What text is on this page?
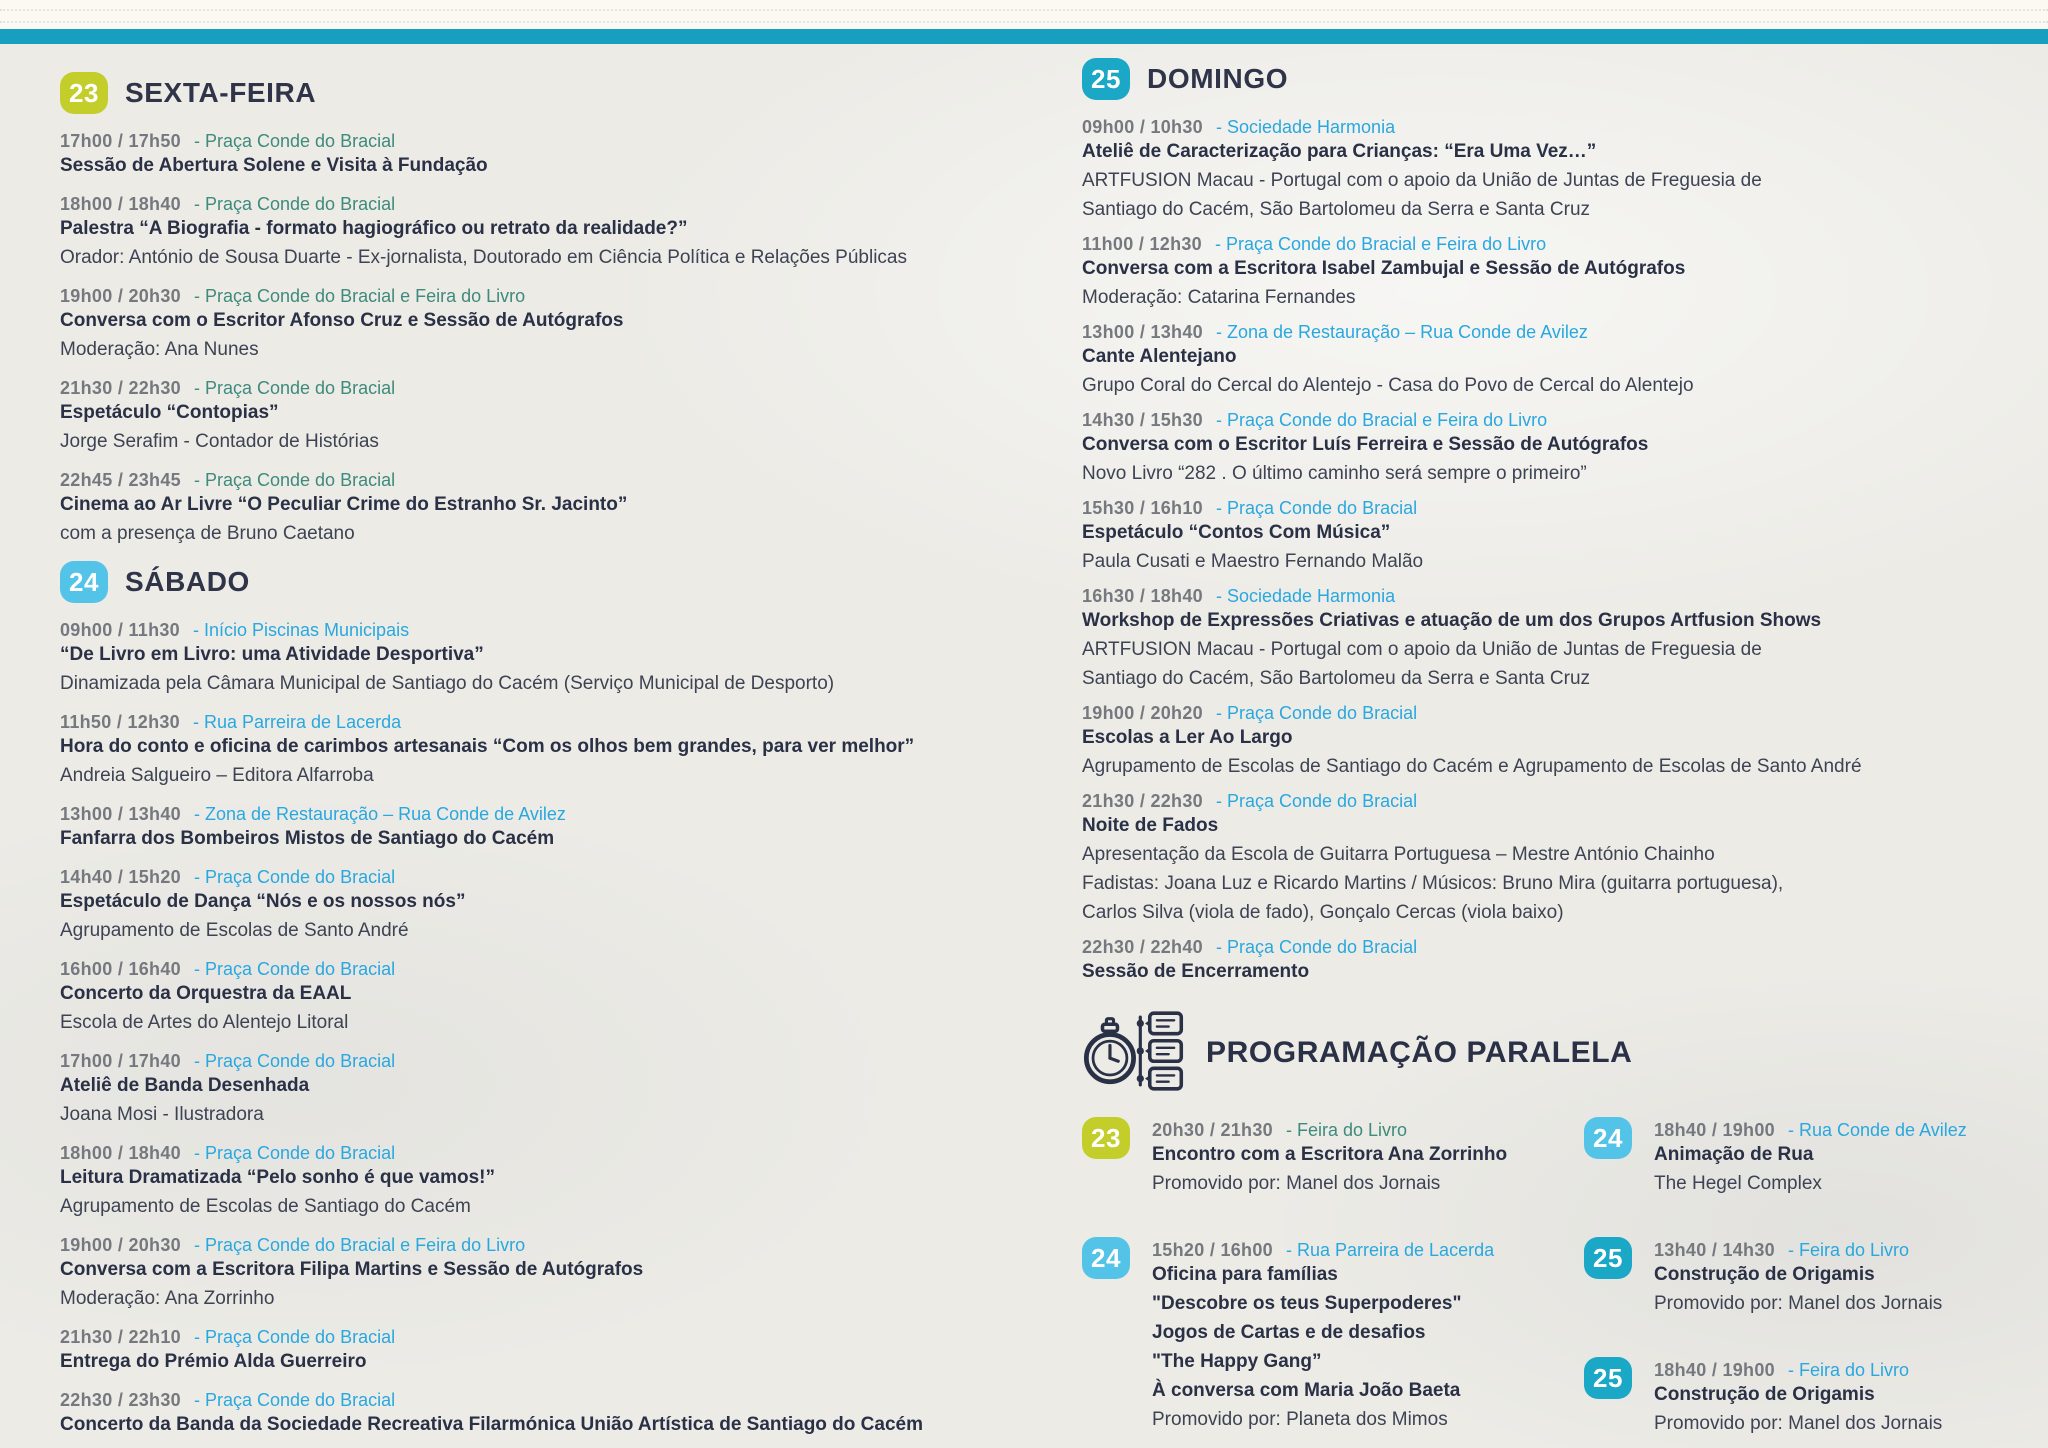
23 SEXTA-FEIRA
17h00 / 17h50 - Praça Conde do Bracial
Sessão de Abertura Solene e Visita à Fundação
18h00 / 18h40 - Praça Conde do Bracial
Palestra “A Biografia - formato hagiográfico ou retrato da realidade?”
Orador: António de Sousa Duarte - Ex-jornalista, Doutorado em Ciência Política e Relações Públicas
19h00 / 20h30 - Praça Conde do Bracial e Feira do Livro
Conversa com o Escritor Afonso Cruz e Sessão de Autógrafos
Moderação: Ana Nunes
21h30 / 22h30 - Praça Conde do Bracial
Espetáculo “Contopias”
Jorge Serafim - Contador de Histórias
22h45 / 23h45 - Praça Conde do Bracial
Cinema ao Ar Livre “O Peculiar Crime do Estranho Sr. Jacinto”
com a presença de Bruno Caetano
24 SÁBADO
09h00 / 11h30 - Início Piscinas Municipais
“De Livro em Livro: uma Atividade Desportiva”
Dinamizada pela Câmara Municipal de Santiago do Cacém (Serviço Municipal de Desporto)
11h50 / 12h30 - Rua Parreira de Lacerda
Hora do conto e oficina de carimbos artesanais “Com os olhos bem grandes, para ver melhor”
Andreia Salgueiro – Editora Alfarroba
13h00 / 13h40 - Zona de Restauração – Rua Conde de Avilez
Fanfarra dos Bombeiros Mistos de Santiago do Cacém
14h40 / 15h20 - Praça Conde do Bracial
Espetáculo de Dança “Nós e os nossos nós”
Agrupamento de Escolas de Santo André
16h00 / 16h40 - Praça Conde do Bracial
Concerto da Orquestra da EAAL
Escola de Artes do Alentejo Litoral
17h00 / 17h40 - Praça Conde do Bracial
Ateliê de Banda Desenhada
Joana Mosi - Ilustradora
18h00 / 18h40 - Praça Conde do Bracial
Leitura Dramatizada “Pelo sonho é que vamos!”
Agrupamento de Escolas de Santiago do Cacém
19h00 / 20h30 - Praça Conde do Bracial e Feira do Livro
Conversa com a Escritora Filipa Martins e Sessão de Autógrafos
Moderação: Ana Zorrinho
21h30 / 22h10 - Praça Conde do Bracial
Entrega do Prémio Alda Guerreiro
22h30 / 23h30 - Praça Conde do Bracial
Concerto da Banda da Sociedade Recreativa Filarmónica União Artística de Santiago do Cacém
25 DOMINGO
09h00 / 10h30 - Sociedade Harmonia
Ateliê de Caracterização para Crianças: “Era Uma Vez…”
ARTFUSION Macau - Portugal com o apoio da União de Juntas de Freguesia de
Santiago do Cacém, São Bartolomeu da Serra e Santa Cruz
11h00 / 12h30 - Praça Conde do Bracial e Feira do Livro
Conversa com a Escritora Isabel Zambujal e Sessão de Autógrafos
Moderação: Catarina Fernandes
13h00 / 13h40 - Zona de Restauração – Rua Conde de Avilez
Cante Alentejano
Grupo Coral do Cercal do Alentejo - Casa do Povo de Cercal do Alentejo
14h30 / 15h30 - Praça Conde do Bracial e Feira do Livro
Conversa com o Escritor Luís Ferreira e Sessão de Autógrafos
Novo Livro “282 . O último caminho será sempre o primeiro”
15h30 / 16h10 - Praça Conde do Bracial
Espetáculo “Contos Com Música”
Paula Cusati e Maestro Fernando Malão
16h30 / 18h40 - Sociedade Harmonia
Workshop de Expressões Criativas e atuação de um dos Grupos Artfusion Shows
ARTFUSION Macau - Portugal com o apoio da União de Juntas de Freguesia de
Santiago do Cacém, São Bartolomeu da Serra e Santa Cruz
19h00 / 20h20 - Praça Conde do Bracial
Escolas a Ler Ao Largo
Agrupamento de Escolas de Santiago do Cacém e Agrupamento de Escolas de Santo André
21h30 / 22h30 - Praça Conde do Bracial
Noite de Fados
Apresentação da Escola de Guitarra Portuguesa – Mestre António Chainho
Fadistas: Joana Luz e Ricardo Martins / Músicos: Bruno Mira (guitarra portuguesa),
Carlos Silva (viola de fado), Gonçalo Cercas (viola baixo)
22h30 / 22h40 - Praça Conde do Bracial
Sessão de Encerramento
PROGRAMAÇÃO PARALELA
23	20h30 / 21h30 - Feira do Livro
Encontro com a Escritora Ana Zorrinho
Promovido por: Manel dos Jornais
24	15h20 / 16h00 - Rua Parreira de Lacerda
Oficina para famílias
"Descobre os teus Superpoderes"
Jogos de Cartas e de desafios
"The Happy Gang”
À conversa com Maria João Baeta
Promovido por: Planeta dos Mimos
24	18h40 / 19h00 - Rua Conde de Avilez
Animação de Rua
The Hegel Complex
25	13h40 / 14h30 - Feira do Livro
Construção de Origamis
Promovido por: Manel dos Jornais
25	18h40 / 19h00 - Feira do Livro
Construção de Origamis
Promovido por: Manel dos Jornais
